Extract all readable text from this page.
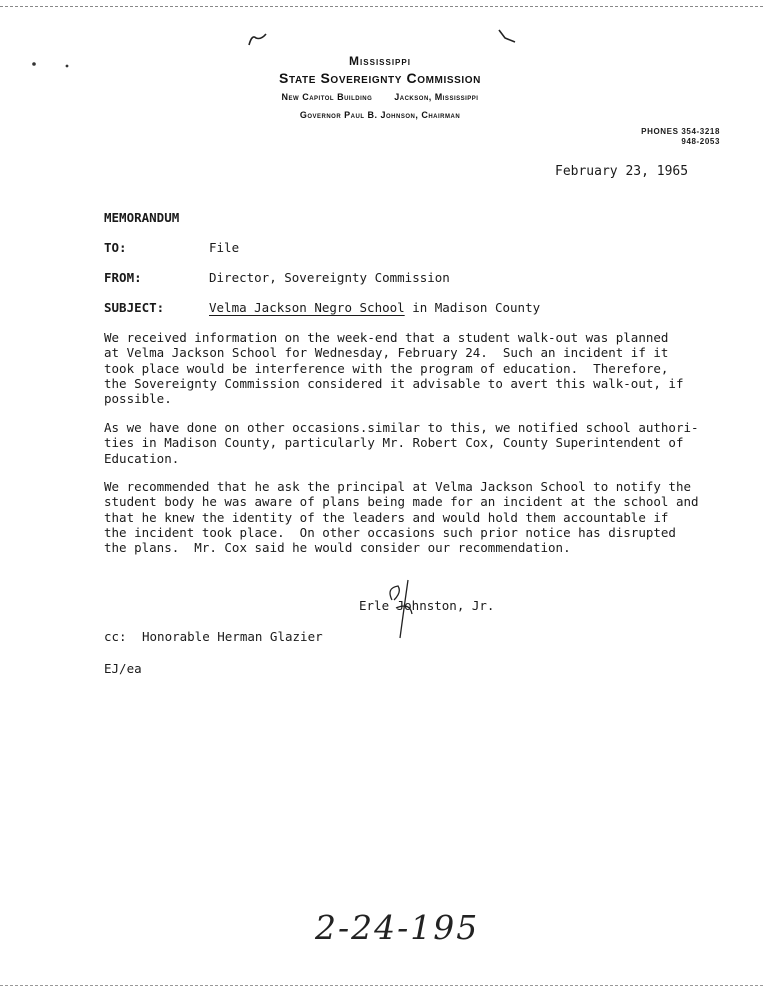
Mississippi
State Sovereignty Commission
New Capitol Building Jackson, Mississippi
Governor Paul B. Johnson, Chairman
PHONES 354-3218
948-2053
February 23, 1965
MEMORANDUM
TO:	File
FROM:	Director, Sovereignty Commission
SUBJECT:	Velma Jackson Negro School in Madison County

We received information on the week-end that a student walk-out was planned
at Velma Jackson School for Wednesday, February 24.  Such an incident if it
took place would be interference with the program of education.  Therefore,
the Sovereignty Commission considered it advisable to avert this walk-out, if
possible.

As we have done on other occasions.similar to this, we notified school authori-
ties in Madison County, particularly Mr. Robert Cox, County Superintendent of
Education.

We recommended that he ask the principal at Velma Jackson School to notify the
student body he was aware of plans being made for an incident at the school and
that he knew the identity of the leaders and would hold them accountable if
the incident took place.  On other occasions such prior notice has disrupted
the plans.  Mr. Cox said he would consider our recommendation.

Erle Johnston, Jr.
cc: Honorable Herman Glazier
EJ/ea
2-24-195
